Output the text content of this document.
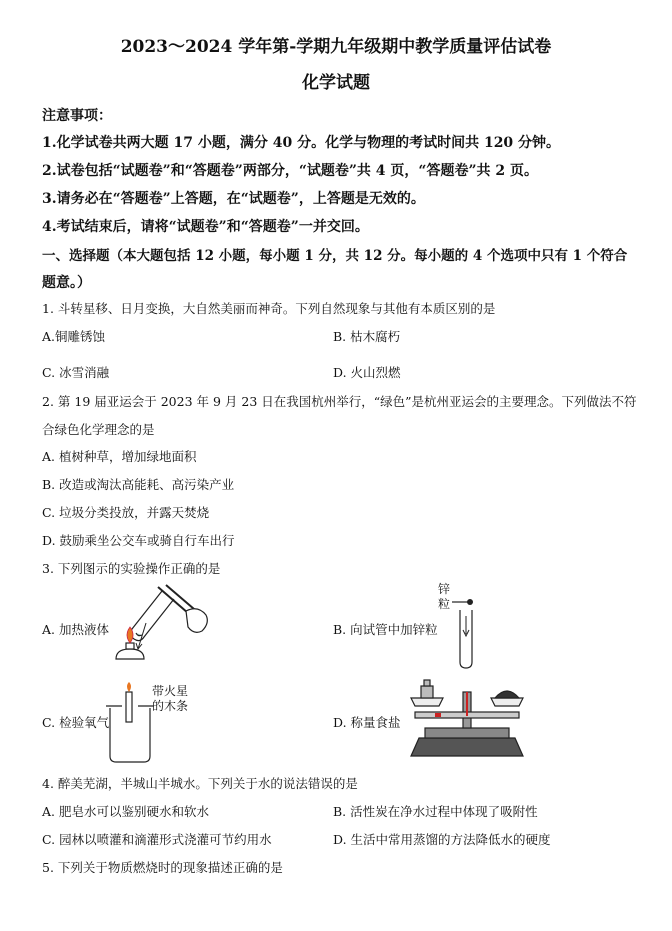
2023～2024 学年第-学期九年级期中教学质量评估试卷
化学试题
注意事项：
1.化学试卷共两大题 17 小题，满分 40 分。化学与物理的考试时间共 120 分钟。
2.试卷包括“试题卷”和“答题卷”两部分，“试题卷”共 4 页，“答题卷”共 2 页。
3.请务必在“答题卷”上答题，在“试题卷”，上答题是无效的。
4.考试结束后，请将“试题卷”和“答题卷”一并交回。
一、选择题（本大题包括 12 小题，每小题 1 分，共 12 分。每小题的 4 个选项中只有 1 个符合
题意。）
1. 斗转星移、日月变换，大自然美丽而神奇。下列自然现象与其他有本质区别的是
A.铜雕锈蚀	B. 枯木腐朽
C. 冰雪消融	D. 火山烈燃
2. 第 19 届亚运会于 2023 年 9 月 23 日在我国杭州举行，“绿色”是杭州亚运会的主要理念。下列做法不符
合绿色化学理念的是
A. 植树种草，增加绿地面积
B. 改造或淘汰高能耗、高污染产业
C. 垃圾分类投放，并露天焚烧
D. 鼓励乘坐公交车或骑自行车出行
3. 下列图示的实验操作正确的是
A. 加热液体	B. 向试管中加锌粒
C. 检验氧气	D. 称量食盐
锌
粒
带火星
的木条
4. 醉美芜湖，半城山半城水。下列关于水的说法错误的是
A. 肥皂水可以鉴别硬水和软水	B. 活性炭在净水过程中体现了吸附性
C. 园林以喷灌和滴灌形式浇灌可节约用水	D. 生活中常用蒸馏的方法降低水的硬度
5. 下列关于物质燃烧时的现象描述正确的是
